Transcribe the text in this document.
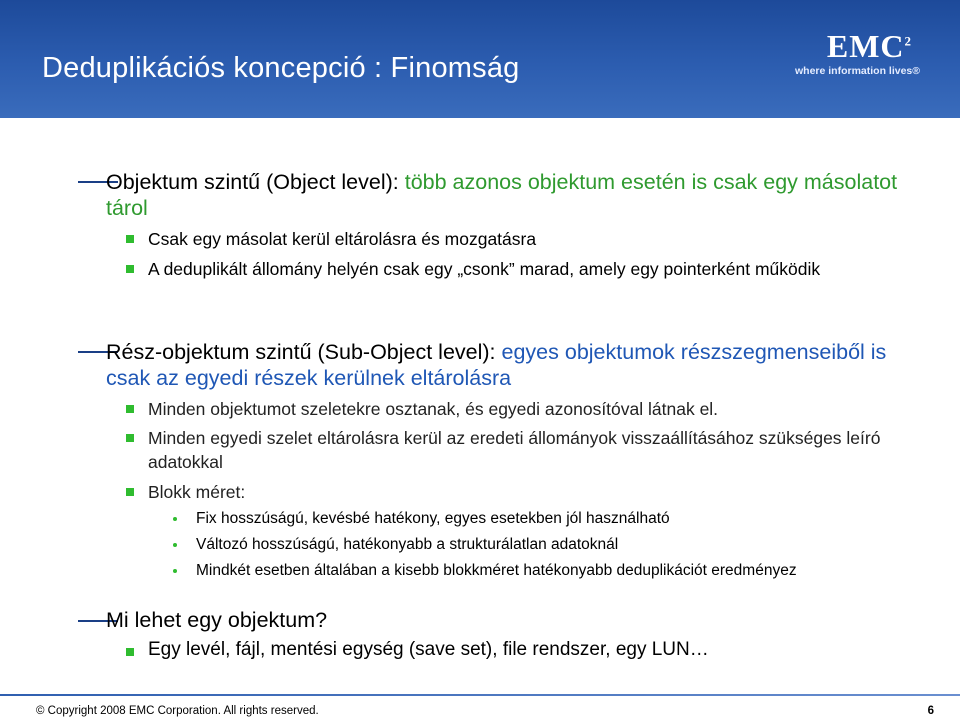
Deduplikációs koncepció : Finomság
EMC$^2$
where information lives®
Objektum szintű (Object level): több azonos objektum esetén is csak egy másolatot tárol
Csak egy másolat kerül eltárolásra és mozgatásra
A deduplikált állomány helyén csak egy „csonk” marad, amely egy pointerként működik
Rész-objektum szintű (Sub-Object level): egyes objektumok részszegmenseiből is csak az egyedi részek kerülnek eltárolásra
Minden objektumot szeletekre osztanak, és egyedi azonosítóval látnak el.
Minden egyedi szelet eltárolásra kerül az eredeti állományok visszaállításához szükséges leíró adatokkal
Blokk méret:
Fix hosszúságú, kevésbé hatékony, egyes esetekben jól használható
Változó hosszúságú, hatékonyabb a strukturálatlan adatoknál
Mindkét esetben általában a kisebb blokkméret hatékonyabb deduplikációt eredményez
Mi lehet egy objektum?
Egy levél, fájl, mentési egység (save set), file rendszer, egy LUN…
© Copyright 2008 EMC Corporation. All rights reserved.	6
